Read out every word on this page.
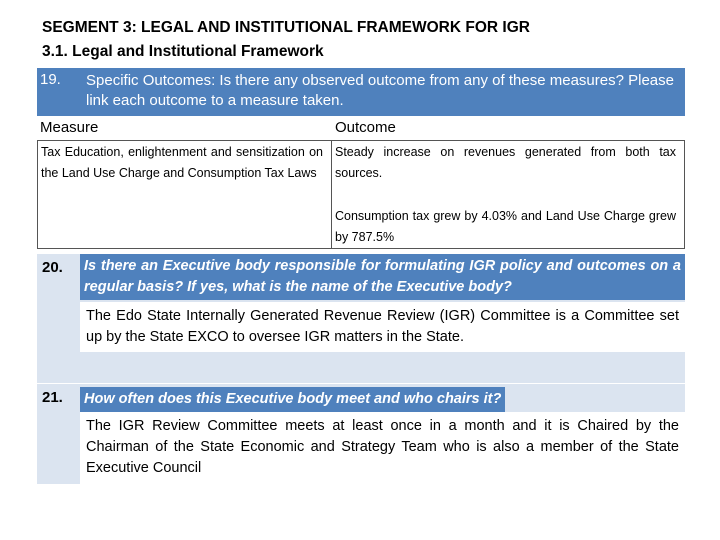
SEGMENT 3: LEGAL AND INSTITUTIONAL FRAMEWORK FOR IGR
3.1. Legal and Institutional Framework
19. Specific Outcomes: Is there any observed outcome from any of these measures? Please link each outcome to a measure taken.
Measure	Outcome
Tax Education, enlightenment and sensitization on the Land Use Charge and Consumption Tax Laws
Steady increase on revenues generated from both tax sources.
Consumption tax grew by 4.03% and Land Use Charge grew by 787.5%
20. Is there an Executive body responsible for formulating IGR policy and outcomes on a regular basis? If yes, what is the name of the Executive body?
The Edo State Internally Generated Revenue Review (IGR) Committee is a Committee set up by the State EXCO to oversee IGR matters in the State.
21. How often does this Executive body meet and who chairs it?
The IGR Review Committee meets at least once in a month and it is Chaired by the Chairman of the State Economic and Strategy Team who is also a member of the State Executive Council
